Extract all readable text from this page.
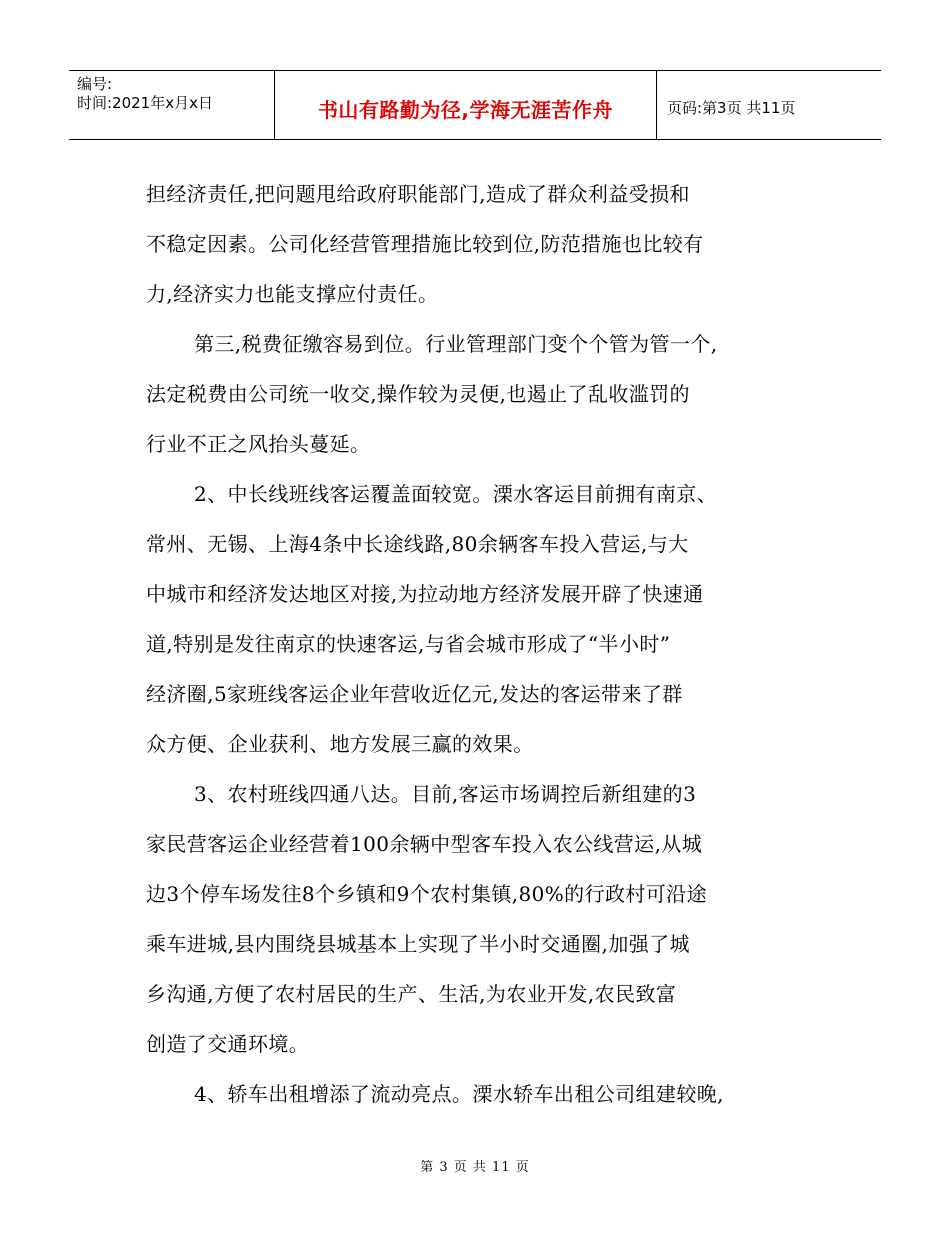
编号:
时间:2021年x月x日	书山有路勤为径,学海无涯苦作舟	页码:第3页 共11页

担经济责任,把问题甩给政府职能部门,造成了群众利益受损和
不稳定因素。公司化经营管理措施比较到位,防范措施也比较有
力,经济实力也能支撑应付责任。

第三,税费征缴容易到位。行业管理部门变个个管为管一个,
法定税费由公司统一收交,操作较为灵便,也遏止了乱收滥罚的
行业不正之风抬头蔓延。

2、中长线班线客运覆盖面较宽。溧水客运目前拥有南京、
常州、无锡、上海4条中长途线路,80余辆客车投入营运,与大
中城市和经济发达地区对接,为拉动地方经济发展开辟了快速通
道,特别是发往南京的快速客运,与省会城市形成了“半小时”
经济圈,5家班线客运企业年营收近亿元,发达的客运带来了群
众方便、企业获利、地方发展三赢的效果。

3、农村班线四通八达。目前,客运市场调控后新组建的3
家民营客运企业经营着100余辆中型客车投入农公线营运,从城
边3个停车场发往8个乡镇和9个农村集镇,80%的行政村可沿途
乘车进城,县内围绕县城基本上实现了半小时交通圈,加强了城
乡沟通,方便了农村居民的生产、生活,为农业开发,农民致富
创造了交通环境。

4、轿车出租增添了流动亮点。溧水轿车出租公司组建较晚,

第 3 页 共 11 页
